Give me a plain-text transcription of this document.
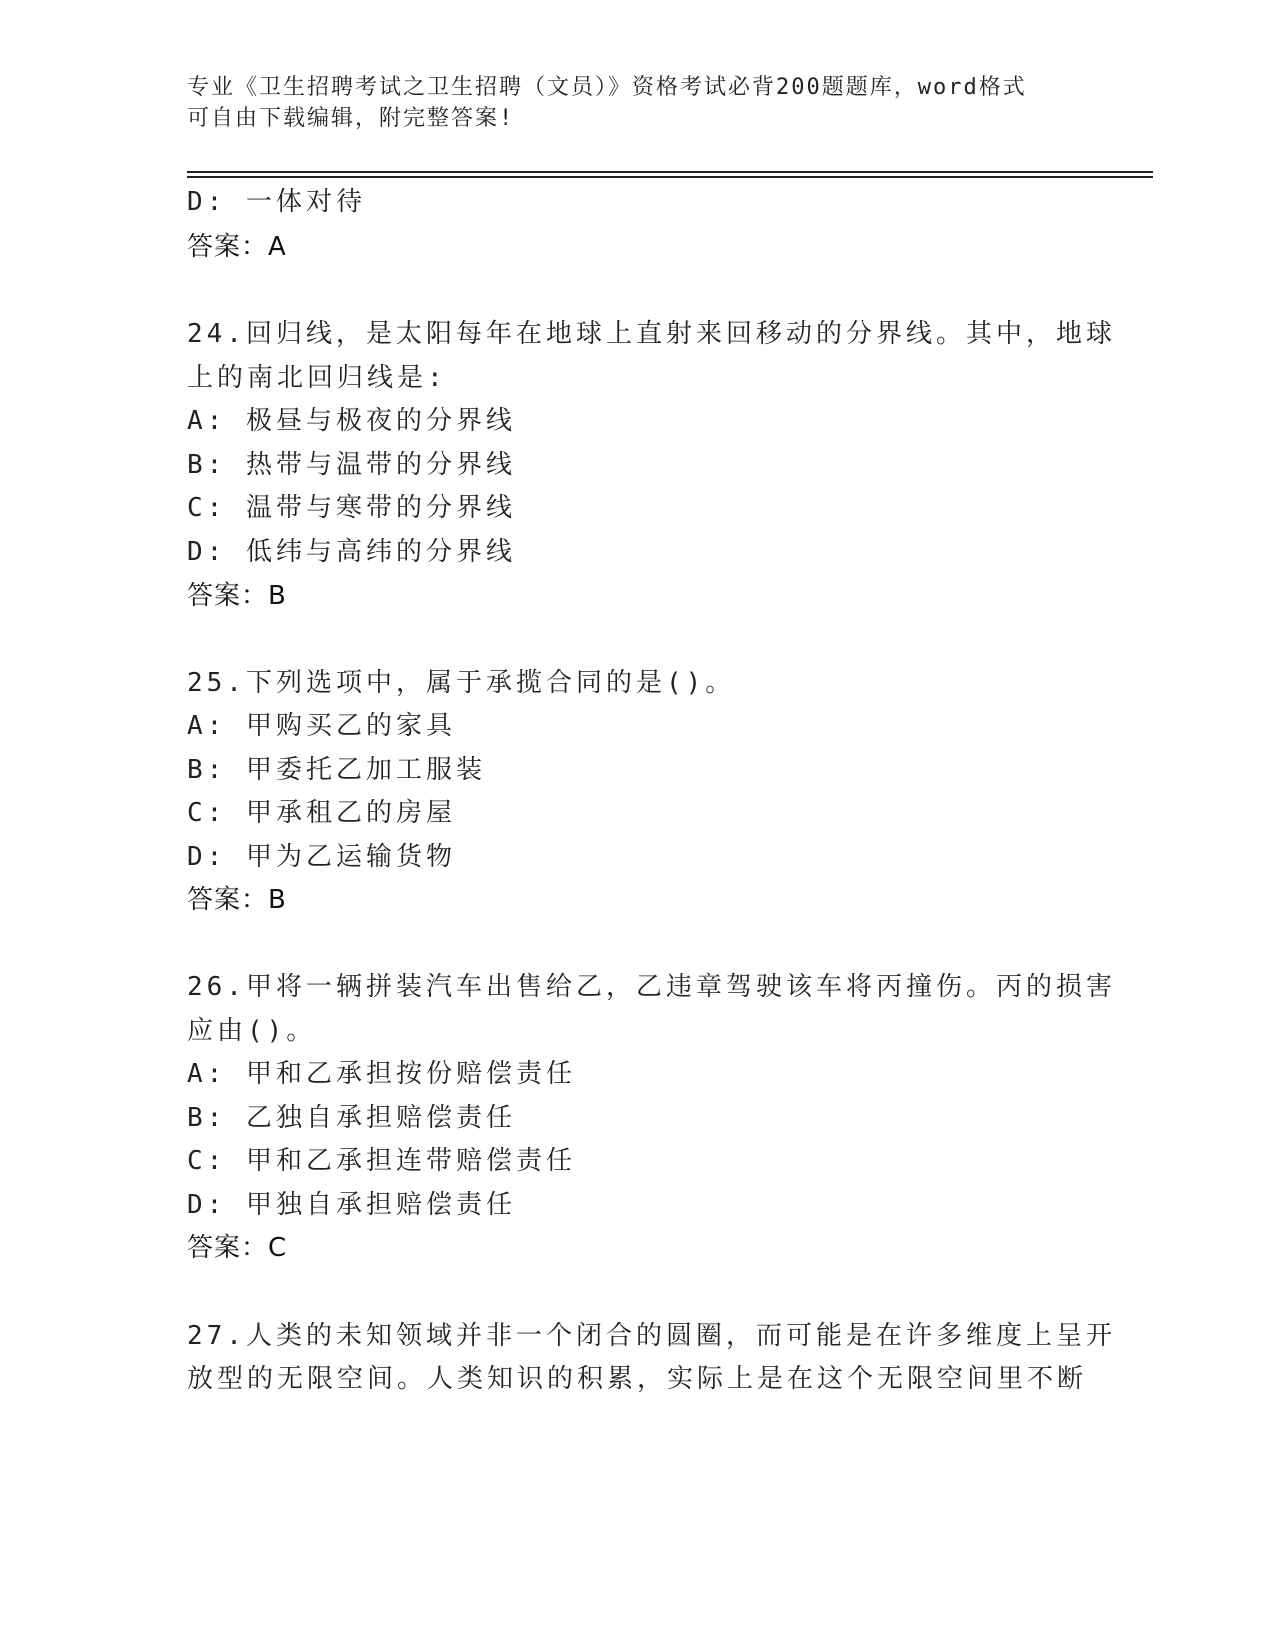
专业《卫生招聘考试之卫生招聘（文员）》资格考试必背200题题库，word格式
可自由下载编辑，附完整答案!
D: 一体对待
答案：A
24.回归线，是太阳每年在地球上直射来回移动的分界线。其中，地球
上的南北回归线是:
A: 极昼与极夜的分界线
B: 热带与温带的分界线
C: 温带与寒带的分界线
D: 低纬与高纬的分界线
答案：B
25.下列选项中，属于承揽合同的是()。
A: 甲购买乙的家具
B: 甲委托乙加工服装
C: 甲承租乙的房屋
D: 甲为乙运输货物
答案：B
26.甲将一辆拼装汽车出售给乙，乙违章驾驶该车将丙撞伤。丙的损害
应由()。
A: 甲和乙承担按份赔偿责任
B: 乙独自承担赔偿责任
C: 甲和乙承担连带赔偿责任
D: 甲独自承担赔偿责任
答案：C
27.人类的未知领域并非一个闭合的圆圈，而可能是在许多维度上呈开
放型的无限空间。人类知识的积累，实际上是在这个无限空间里不断
